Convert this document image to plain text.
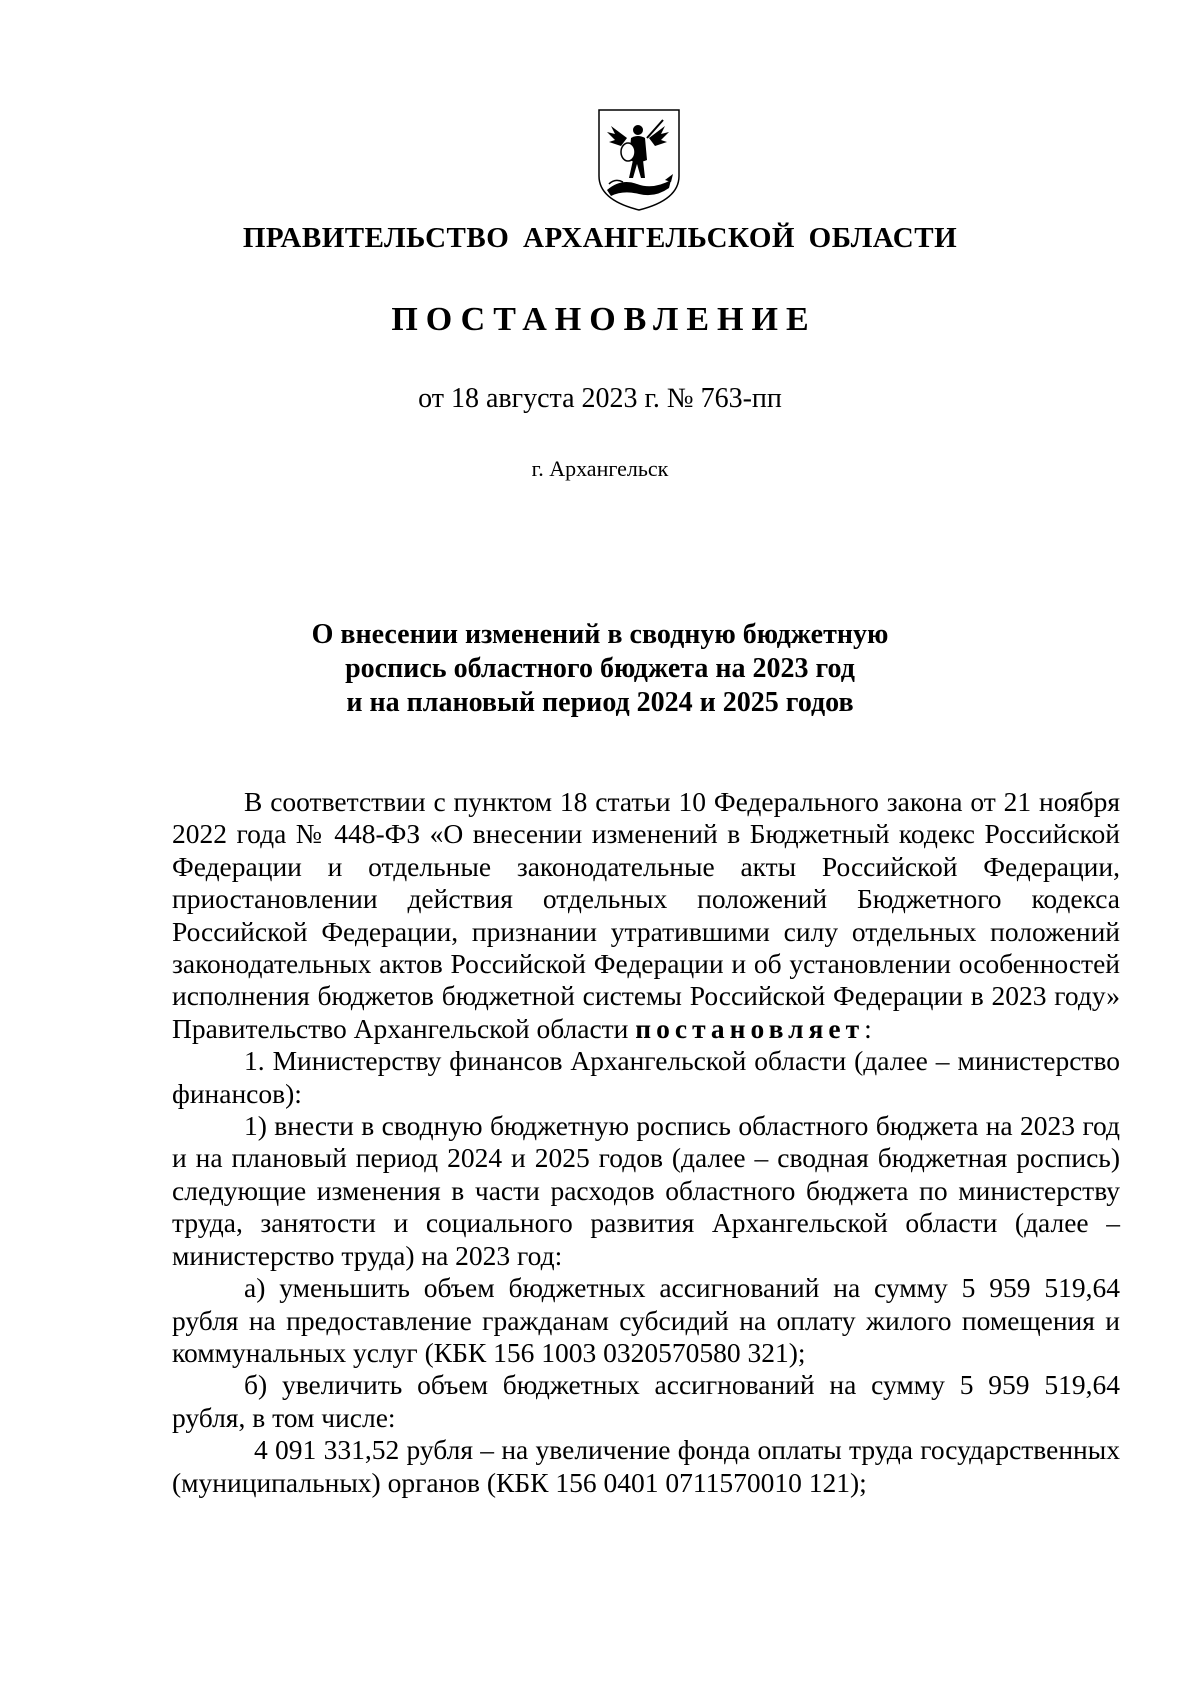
ПРАВИТЕЛЬСТВО АРХАНГЕЛЬСКОЙ ОБЛАСТИ
ПОСТАНОВЛЕНИЕ
от 18 августа 2023 г. № 763-пп
г. Архангельск
О внесении изменений в сводную бюджетную
роспись областного бюджета на 2023 год
и на плановый период 2024 и 2025 годов

В соответствии с пунктом 18 статьи 10 Федерального закона от 21 ноября 2022 года № 448-ФЗ «О внесении изменений в Бюджетный кодекс Российской Федерации и отдельные законодательные акты Российской Федерации, приостановлении действия отдельных положений Бюджетного кодекса Российской Федерации, признании утратившими силу отдельных положений законодательных актов Российской Федерации и об установлении особенностей исполнения бюджетов бюджетной системы Российской Федерации в 2023 году» Правительство Архангельской области постановляет:

1. Министерству финансов Архангельской области (далее – министерство финансов):

1) внести в сводную бюджетную роспись областного бюджета на 2023 год и на плановый период 2024 и 2025 годов (далее – сводная бюджетная роспись) следующие изменения в части расходов областного бюджета по министерству труда, занятости и социального развития Архангельской области (далее – министерство труда) на 2023 год:

а) уменьшить объем бюджетных ассигнований на сумму 5 959 519,64 рубля на предоставление гражданам субсидий на оплату жилого помещения и коммунальных услуг (КБК 156 1003 0320570580 321);

б) увеличить объем бюджетных ассигнований на сумму 5 959 519,64 рубля, в том числе:

4 091 331,52 рубля – на увеличение фонда оплаты труда государственных (муниципальных) органов (КБК 156 0401 0711570010 121);
